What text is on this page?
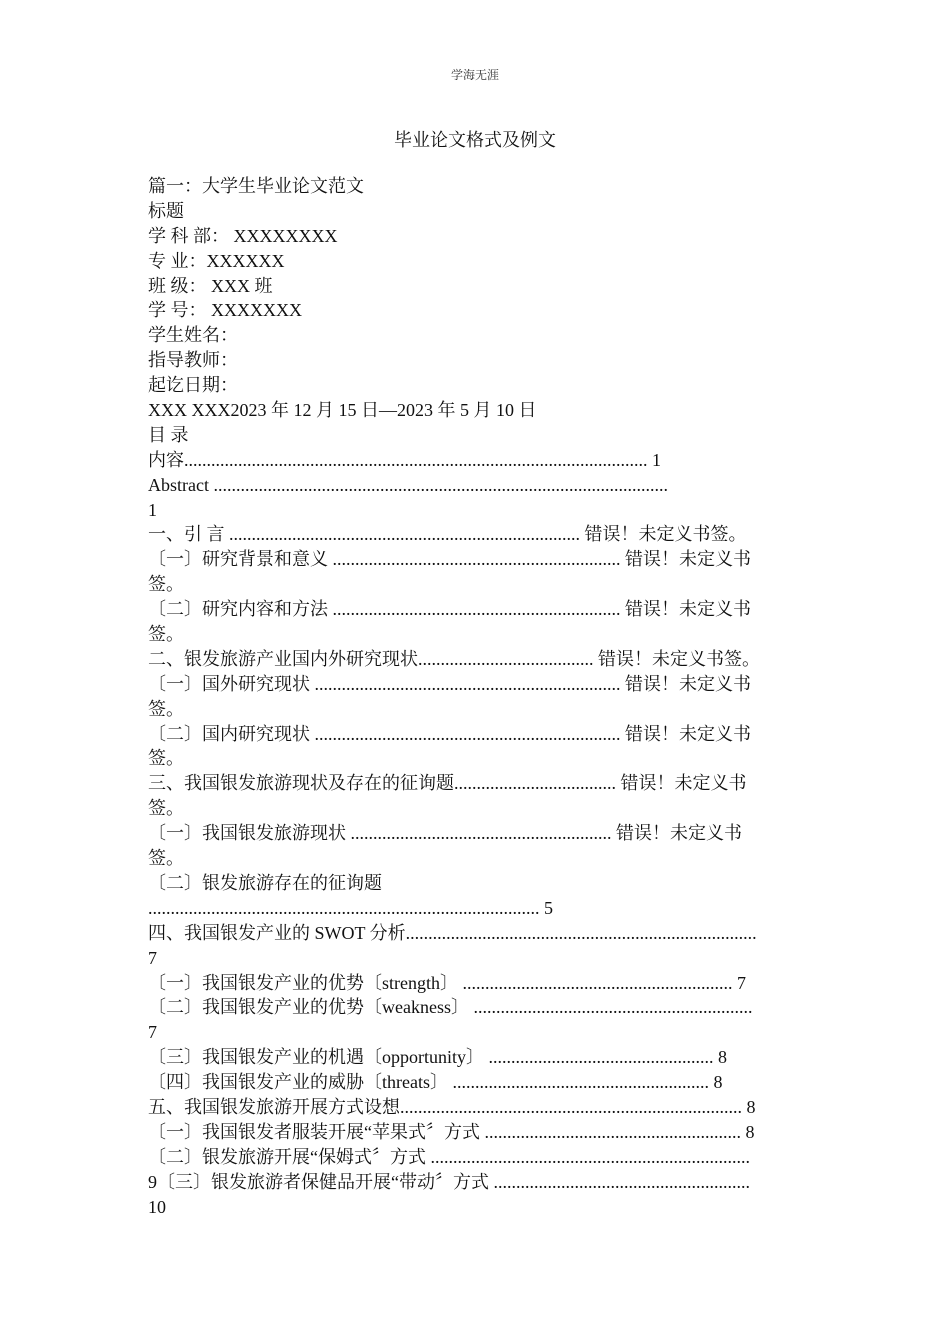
学海无涯
毕业论文格式及例文
篇一：大学生毕业论文范文
标题
学 科 部： XXXXXXXX
专 业：XXXXXX
班 级： XXX 班
学 号： XXXXXXX
学生姓名：
指导教师：
起讫日期：
XXX XXX2023 年 12 月 15 日—2023 年 5 月 10 日
目 录
内容....................................................................................................... 1
Abstract .....................................................................................................
1
一、引 言 .............................................................................. 错误！未定义书签。
〔一〕研究背景和意义 ................................................................ 错误！未定义书
签。
〔二〕研究内容和方法 ................................................................ 错误！未定义书
签。
二、银发旅游产业国内外研究现状....................................... 错误！未定义书签。
〔一〕国外研究现状 .................................................................... 错误！未定义书
签。
〔二〕国内研究现状 .................................................................... 错误！未定义书
签。
三、我国银发旅游现状及存在的征询题.................................... 错误！未定义书
签。
〔一〕我国银发旅游现状 .......................................................... 错误！未定义书
签。
〔二〕银发旅游存在的征询题
....................................................................................... 5
四、我国银发产业的 SWOT 分析..............................................................................
7
〔一〕我国银发产业的优势〔strength〕 ............................................................ 7
〔二〕我国银发产业的优势〔weakness〕 ..............................................................
7
〔三〕我国银发产业的机遇〔opportunity〕 .................................................. 8
〔四〕我国银发产业的威胁〔threats〕 ......................................................... 8
五、我国银发旅游开展方式设想............................................................................ 8
〔一〕我国银发者服装开展“苹果式〞方式 ......................................................... 8
〔二〕银发旅游开展“保姆式〞方式 .......................................................................
9〔三〕银发旅游者保健品开展“带动〞方式 .........................................................
10
